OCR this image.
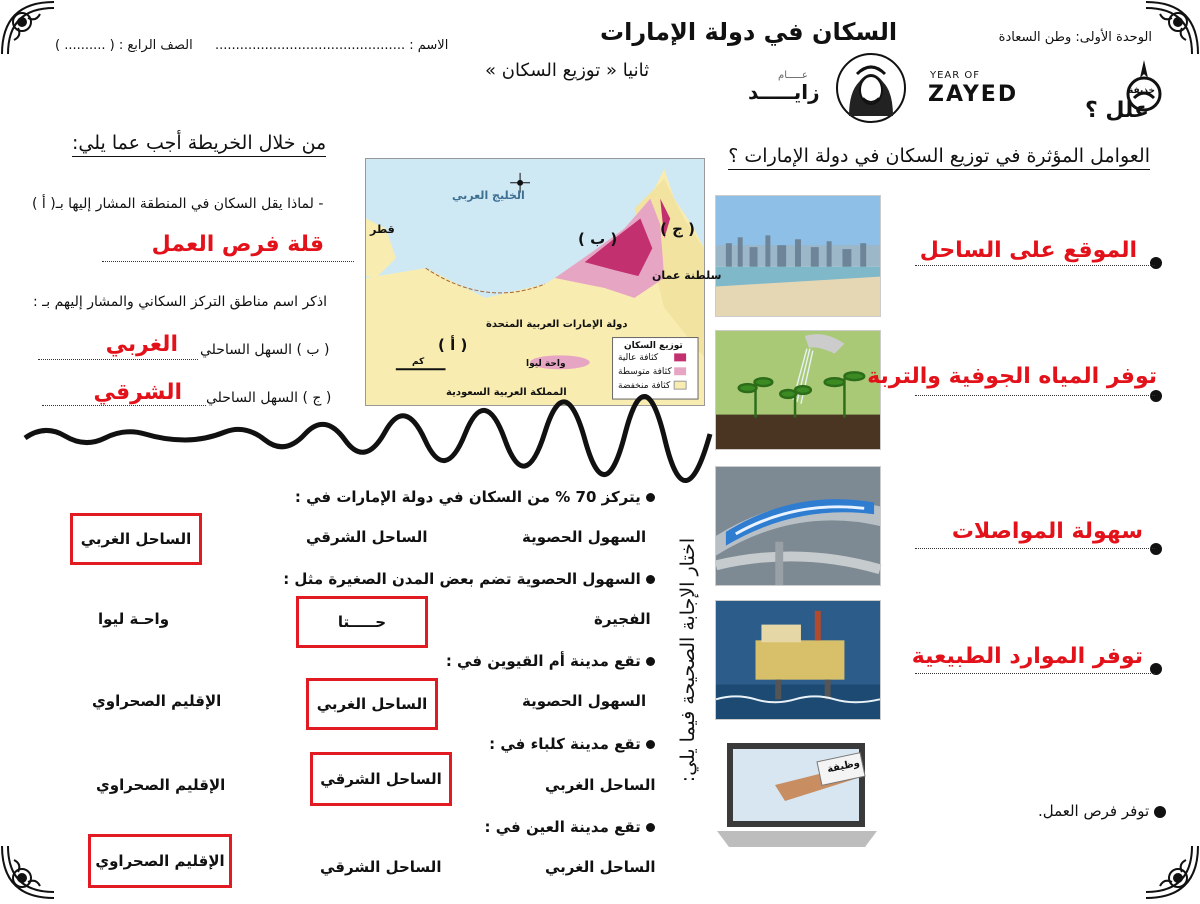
الوحدة الأولى: وطن السعادة
السكان في دولة الإمارات
الاسم : ..............................................
الصف الرابع : ( .......... )
ثانيا « توزيع السكان »	YEAR OF
ZAYED
عـــــام
زايـــــد
علل ؟
خذيفة
العوامل المؤثرة في توزيع السكان في دولة الإمارات ؟
وظيفة
الموقع على الساحل
توفر المياه الجوفية والتربة
سهولة المواصلات
توفر الموارد الطبيعية
توفر فرص العمل.
من خلال الخريطة أجب عما يلي:
- لماذا يقل السكان في المنطقة المشار إليها بـ( أ )
قلة فرص العمل
اذكر اسم مناطق التركز السكاني والمشار إليهم بـ :
( ب ) السهل الساحلي
الغربي
( ج ) السهل الساحلي
الشرقي
الخليج العربي
قطر
سلطنة عمان
دولة الإمارات العربية المتحدة
المملكة العربية السعودية
واحة ليوا
كم
توزيع السكان
كثافة عالية
كثافة متوسطة
كثافة منخفضة
( ب )
( ج )
( أ )
اختار الإجابة الصحيحة فيما يلي:
يتركز 70 % من السكان في دولة الإمارات في :
السهول الحصوية
الساحل الشرقي
الساحل الغربي
السهول الحصوية تضم بعض المدن الصغيرة مثل :
الفجيرة
حـــــتا
واحـة ليوا
تقع مدينة أم القيوين في :
السهول الحصوية
الساحل الغربي
الإقليم الصحراوي
تقع مدينة كلباء في :
الساحل الغربي
الساحل الشرقي
الإقليم الصحراوي
تقع مدينة العين في :
الساحل الغربي
الساحل الشرقي
الإقليم الصحراوي
